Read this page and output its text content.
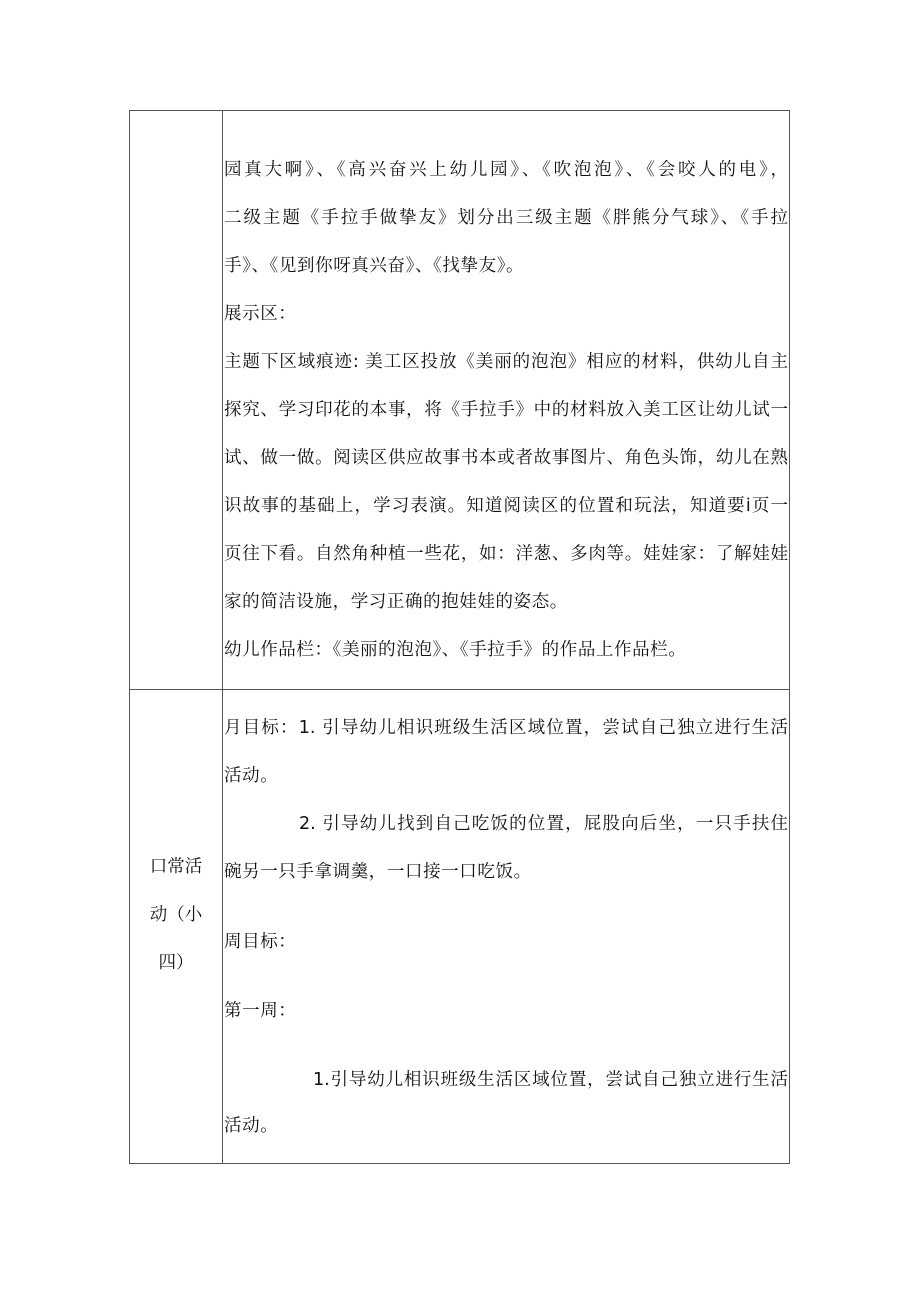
园真大啊》、《高兴奋兴上幼儿园》、《吹泡泡》、《会咬人的电》，
二级主题《手拉手做挚友》划分出三级主题《胖熊分气球》、《手拉
手》、《见到你呀真兴奋》、《找挚友》。
展示区：
主题下区域痕迹: 美工区投放《美丽的泡泡》相应的材料，供幼儿自主
探究、学习印花的本事，将《手拉手》中的材料放入美工区让幼儿试一
试、做一做。阅读区供应故事书本或者故事图片、角色头饰，幼儿在熟
识故事的基础上，学习表演。知道阅读区的位置和玩法，知道要i页一
页往下看。自然角种植一些花，如：洋葱、多肉等。娃娃家：了解娃娃
家的简洁设施，学习正确的抱娃娃的姿态。
幼儿作品栏：《美丽的泡泡》、《手拉手》的作品上作品栏。
口常活
动（小
四）
月目标：1. 引导幼儿相识班级生活区域位置，尝试自己独立进行生活
活动。
2. 引导幼儿找到自己吃饭的位置，屁股向后坐，一只手扶住
碗另一只手拿调羹，一口接一口吃饭。
周目标：
第一周：
1.引导幼儿相识班级生活区域位置，尝试自己独立进行生活
活动。
